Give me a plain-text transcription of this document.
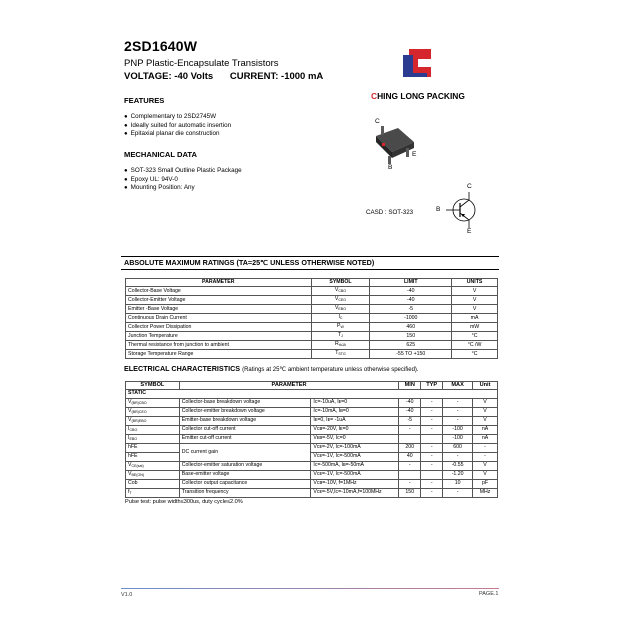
2SD1640W
PNP Plastic-Encapsulate Transistors
VOLTAGE: -40 Volts CURRENT: -1000 mA
CHING LONG PACKING
FEATURES
● Complementary to 2SD2745W
● Ideally suited for automatic insertion
● Epitaxial planar die construction
MECHANICAL DATA
● SOT-323 Small Outline Plastic Package
● Epoxy UL: 94V-0
● Mounting Position: Any
C
B
E
C
B
E
CASD : SOT-323
ABSOLUTE MAXIMUM RATINGS (TA=25℃ UNLESS OTHERWISE NOTED)
PARAMETER	SYMBOL	LIMIT	UNITS
Collector-Base Voltage	$V_{CBO}$	-40	V
Collector-Emitter Voltage	$V_{CEO}$	-40	V
Emitter -Base Voltage	$V_{EBO}$	-5	V
Continuous Drain Current	$I_C$	-1000	mA
Collector Power Dissipation	$P_W$	460	mW
Junction Temperature	$T_J$	150	°C
Thermal resistance from junction to ambient	$R_{thJA}$	625	°C /W
Storage Temperature Range	$T_{STG}$	-55 TO +150	°C
ELECTRICAL CHARACTERISTICS (Ratings at 25℃ ambient temperature unless otherwise specified).
SYMBOL	PARAMETER		MIN	TYP	MAX	Unit
STATIC						
$V_{(BR)CBO}$	Collector-base breakdown voltage	Iᴄ=-10uA, Iᴇ=0	-40	-	-	V
$V_{(BR)CEO}$	Collector-emitter breakdown voltage	Iᴄ=-10mA, Iʙ=0	-40	-	-	V
$V_{(BR)EBO}$	Emitter-base breakdown voltage	Iᴇ=0, Iᴇ= -1uA	-5	-	-	V
$I_{CBO}$	Collector cut-off current	Vᴄʙ=-20V, Iᴇ=0	-	-	-100	nA
$I_{EBO}$	Emitter cut-off current	Vᴇʙ=-5V, Iᴄ=0			-100	nA
hFE	DC current gain	Vᴄᴇ=-2V, Iᴄ=-100mA	200	-	600	-
hFE		Vᴄᴇ=-1V, Iᴄ=-500mA	40	-	-	-
$V_{CE(sat)}$	Collector-emitter saturation voltage	Iᴄ=-500mA, Iʙ=-50mA	-	-	-0.55	V
$V_{BE(ON)}$	Base-emitter voltage	Vᴄᴇ=-1V, Iᴄ=-500mA			-1.20	V
Cob	Collector output capacitance	Vᴄʙ=-10V, f=1MHz	-	-	10	pF
$f_T$	Transition frequency	Vᴄᴇ=-5V,Iᴄ=-10mA,f=100MHz	150	-	-	MHz
Pulse test: pulse width≤300us, duty cycle≤2.0%
V1.0	PAGE.1
